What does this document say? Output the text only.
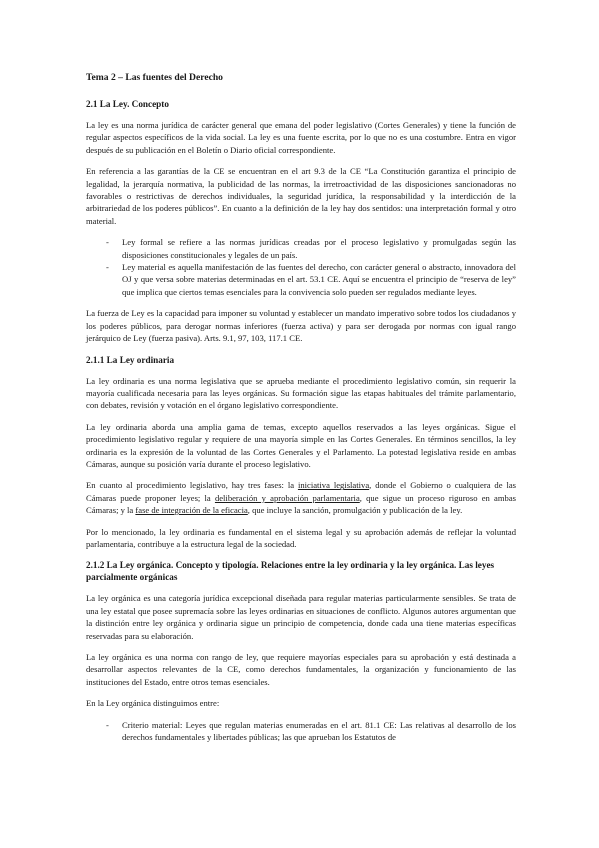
Tema 2 – Las fuentes del Derecho
2.1 La Ley. Concepto

La ley es una norma jurídica de carácter general que emana del poder legislativo (Cortes Generales) y tiene la función de regular aspectos específicos de la vida social. La ley es una fuente escrita, por lo que no es una costumbre. Entra en vigor después de su publicación en el Boletín o Diario oficial correspondiente.

En referencia a las garantías de la CE se encuentran en el art 9.3 de la CE “La Constitución garantiza el principio de legalidad, la jerarquía normativa, la publicidad de las normas, la irretroactividad de las disposiciones sancionadoras no favorables o restrictivas de derechos individuales, la seguridad jurídica, la responsabilidad y la interdicción de la arbitrariedad de los poderes públicos”. En cuanto a la definición de la ley hay dos sentidos: una interpretación formal y otro material.

- Ley formal se refiere a las normas jurídicas creadas por el proceso legislativo y promulgadas según las disposiciones constitucionales y legales de un país.
- Ley material es aquella manifestación de las fuentes del derecho, con carácter general o abstracto, innovadora del OJ y que versa sobre materias determinadas en el art. 53.1 CE. Aquí se encuentra el principio de “reserva de ley” que implica que ciertos temas esenciales para la convivencia solo pueden ser regulados mediante leyes.

La fuerza de Ley es la capacidad para imponer su voluntad y establecer un mandato imperativo sobre todos los ciudadanos y los poderes públicos, para derogar normas inferiores (fuerza activa) y para ser derogada por normas con igual rango jerárquico de Ley (fuerza pasiva). Arts. 9.1, 97, 103, 117.1 CE.

2.1.1 La Ley ordinaria

La ley ordinaria es una norma legislativa que se aprueba mediante el procedimiento legislativo común, sin requerir la mayoría cualificada necesaria para las leyes orgánicas. Su formación sigue las etapas habituales del trámite parlamentario, con debates, revisión y votación en el órgano legislativo correspondiente.

La ley ordinaria aborda una amplia gama de temas, excepto aquellos reservados a las leyes orgánicas. Sigue el procedimiento legislativo regular y requiere de una mayoría simple en las Cortes Generales. En términos sencillos, la ley ordinaria es la expresión de la voluntad de las Cortes Generales y el Parlamento. La potestad legislativa reside en ambas Cámaras, aunque su posición varía durante el proceso legislativo.

En cuanto al procedimiento legislativo, hay tres fases: la iniciativa legislativa, donde el Gobierno o cualquiera de las Cámaras puede proponer leyes; la deliberación y aprobación parlamentaria, que sigue un proceso riguroso en ambas Cámaras; y la fase de integración de la eficacia, que incluye la sanción, promulgación y publicación de la ley.

Por lo mencionado, la ley ordinaria es fundamental en el sistema legal y su aprobación además de reflejar la voluntad parlamentaria, contribuye a la estructura legal de la sociedad.

2.1.2 La Ley orgánica. Concepto y tipología. Relaciones entre la ley ordinaria y la ley orgánica. Las leyes parcialmente orgánicas

La ley orgánica es una categoría jurídica excepcional diseñada para regular materias particularmente sensibles. Se trata de una ley estatal que posee supremacía sobre las leyes ordinarias en situaciones de conflicto. Algunos autores argumentan que la distinción entre ley orgánica y ordinaria sigue un principio de competencia, donde cada una tiene materias específicas reservadas para su elaboración.

La ley orgánica es una norma con rango de ley, que requiere mayorías especiales para su aprobación y está destinada a desarrollar aspectos relevantes de la CE, como derechos fundamentales, la organización y funcionamiento de las instituciones del Estado, entre otros temas esenciales.

En la Ley orgánica distinguimos entre:

- Criterio material: Leyes que regulan materias enumeradas en el art. 81.1 CE: Las relativas al desarrollo de los derechos fundamentales y libertades públicas; las que aprueban los Estatutos de
